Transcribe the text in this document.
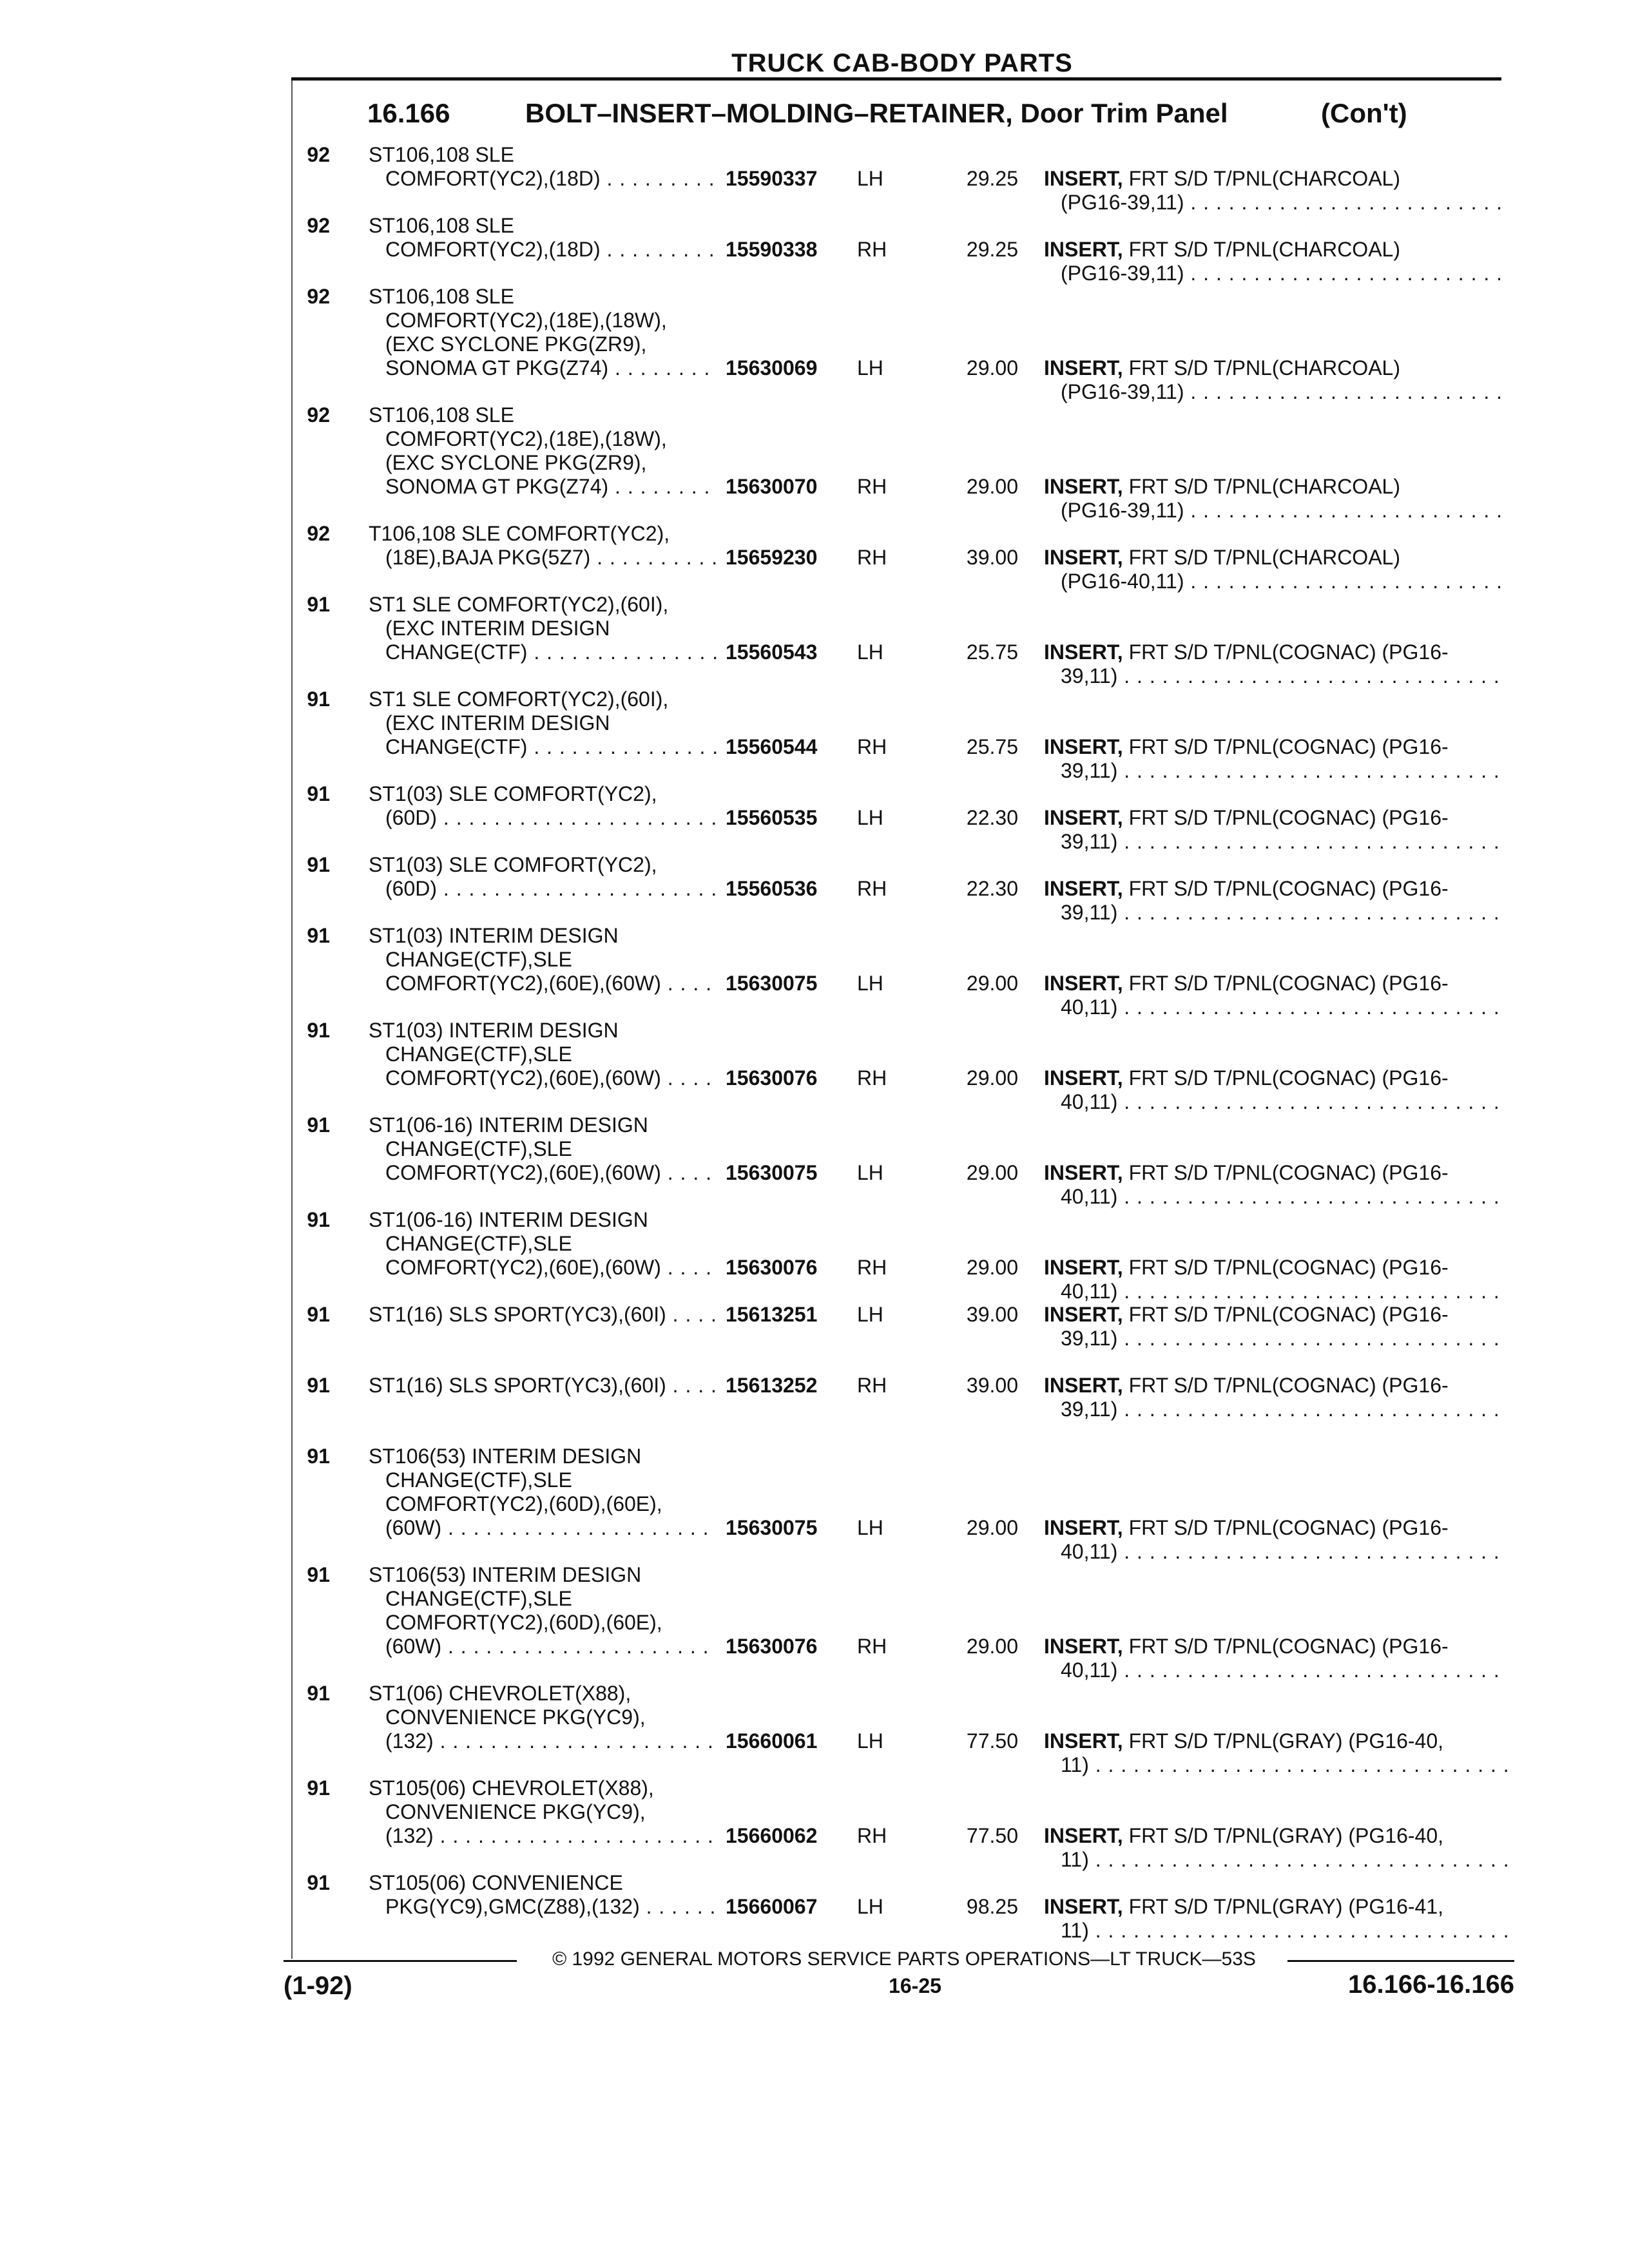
TRUCK CAB-BODY PARTS
16.166	BOLT–INSERT–MOLDING–RETAINER, Door Trim Panel	(Con't)
92 ST106,108 SLE
COMFORT(YC2),(18D) . . .	15590337	LH	29.25 INSERT, FRT S/D T/PNL(CHARCOAL)
(PG16-39,11) . . .
92 ST106,108 SLE
COMFORT(YC2),(18D) . . .	15590338	RH	29.25 INSERT, FRT S/D T/PNL(CHARCOAL)
(PG16-39,11) . . .
92 ST106,108 SLE
COMFORT(YC2),(18E),(18W),
(EXC SYCLONE PKG(ZR9),
SONOMA GT PKG(Z74) . . .	15630069	LH	29.00 INSERT, FRT S/D T/PNL(CHARCOAL)
(PG16-39,11) . . .
92 ST106,108 SLE
COMFORT(YC2),(18E),(18W),
(EXC SYCLONE PKG(ZR9),
SONOMA GT PKG(Z74) . . .	15630070	RH	29.00 INSERT, FRT S/D T/PNL(CHARCOAL)
(PG16-39,11) . . .
92 T106,108 SLE COMFORT(YC2),
(18E),BAJA PKG(5Z7) . . .	15659230	RH	39.00 INSERT, FRT S/D T/PNL(CHARCOAL)
(PG16-40,11) . . .
91 ST1 SLE COMFORT(YC2),(60I),
(EXC INTERIM DESIGN
CHANGE(CTF) . . .	15560543	LH	25.75 INSERT, FRT S/D T/PNL(COGNAC) (PG16-
39,11) . . .
91 ST1 SLE COMFORT(YC2),(60I),
(EXC INTERIM DESIGN
CHANGE(CTF) . . .	15560544	RH	25.75 INSERT, FRT S/D T/PNL(COGNAC) (PG16-
39,11) . . .
91 ST1(03) SLE COMFORT(YC2),
(60D) . . .	15560535	LH	22.30 INSERT, FRT S/D T/PNL(COGNAC) (PG16-
39,11) . . .
91 ST1(03) SLE COMFORT(YC2),
(60D) . . .	15560536	RH	22.30 INSERT, FRT S/D T/PNL(COGNAC) (PG16-
39,11) . . .
91 ST1(03) INTERIM DESIGN
CHANGE(CTF),SLE
COMFORT(YC2),(60E),(60W) . . .	15630075	LH	29.00 INSERT, FRT S/D T/PNL(COGNAC) (PG16-
40,11) . . .
91 ST1(03) INTERIM DESIGN
CHANGE(CTF),SLE
COMFORT(YC2),(60E),(60W) . . .	15630076	RH	29.00 INSERT, FRT S/D T/PNL(COGNAC) (PG16-
40,11) . . .
91 ST1(06-16) INTERIM DESIGN
CHANGE(CTF),SLE
COMFORT(YC2),(60E),(60W) . . .	15630075	LH	29.00 INSERT, FRT S/D T/PNL(COGNAC) (PG16-
40,11) . . .
91 ST1(06-16) INTERIM DESIGN
CHANGE(CTF),SLE
COMFORT(YC2),(60E),(60W) . . .	15630076	RH	29.00 INSERT, FRT S/D T/PNL(COGNAC) (PG16-
40,11) . . .
91 ST1(16) SLS SPORT(YC3),(60I) . . .	15613251	LH	39.00 INSERT, FRT S/D T/PNL(COGNAC) (PG16-
39,11) . . .
91 ST1(16) SLS SPORT(YC3),(60I) . . .	15613252	RH	39.00 INSERT, FRT S/D T/PNL(COGNAC) (PG16-
39,11) . . .
91 ST106(53) INTERIM DESIGN
CHANGE(CTF),SLE
COMFORT(YC2),(60D),(60E),
(60W) . . .	15630075	LH	29.00 INSERT, FRT S/D T/PNL(COGNAC) (PG16-
40,11) . . .
91 ST106(53) INTERIM DESIGN
CHANGE(CTF),SLE
COMFORT(YC2),(60D),(60E),
(60W) . . .	15630076	RH	29.00 INSERT, FRT S/D T/PNL(COGNAC) (PG16-
40,11) . . .
91 ST1(06) CHEVROLET(X88),
CONVENIENCE PKG(YC9),
(132) . . .	15660061	LH	77.50 INSERT, FRT S/D T/PNL(GRAY) (PG16-40,
11) . . .
91 ST105(06) CHEVROLET(X88),
CONVENIENCE PKG(YC9),
(132) . . .	15660062	RH	77.50 INSERT, FRT S/D T/PNL(GRAY) (PG16-40,
11) . . .
91 ST105(06) CONVENIENCE
PKG(YC9),GMC(Z88),(132) . . .	15660067	LH	98.25 INSERT, FRT S/D T/PNL(GRAY) (PG16-41,
11) . . .
© 1992 GENERAL MOTORS SERVICE PARTS OPERATIONS—LT TRUCK—53S
(1-92)	16-25	16.166-16.166
